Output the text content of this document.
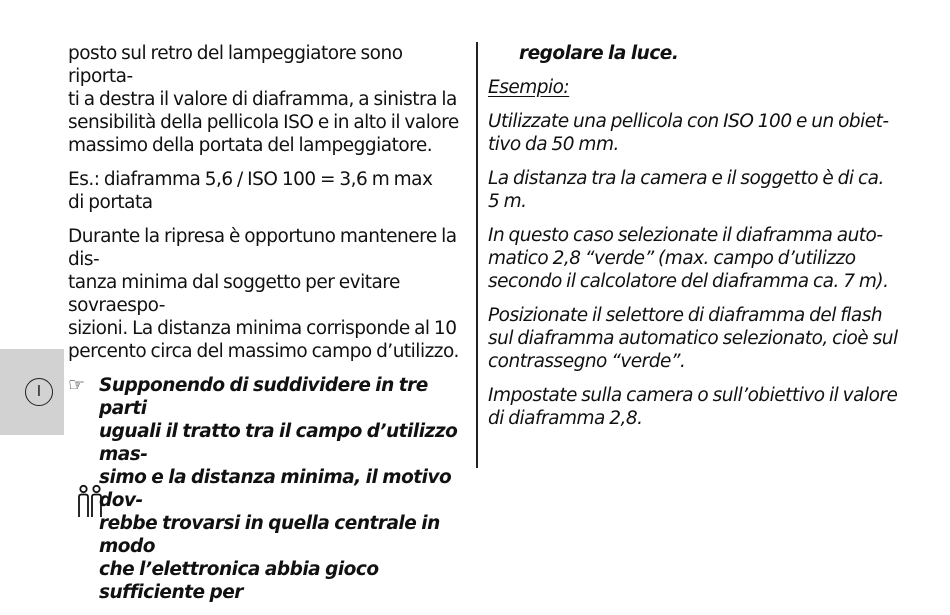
I
posto sul retro del lampeggiatore sono riporta-
ti a destra il valore di diaframma, a sinistra la
sensibilità della pellicola ISO e in alto il valore
massimo della portata del lampeggiatore.
Es.: diaframma 5,6 / ISO 100 = 3,6 m max
di portata
Durante la ripresa è opportuno mantenere la dis-
tanza minima dal soggetto per evitare sovraespo-
sizioni. La distanza minima corrisponde al 10
percento circa del massimo campo d’utilizzo.
☞ Supponendo di suddividere in tre parti
uguali il tratto tra il campo d’utilizzo mas-
simo e la distanza minima, il motivo dov-
rebbe trovarsi in quella centrale in modo
che l’elettronica abbia gioco sufficiente per
regolare la luce.
Esempio:
Utilizzate una pellicola con ISO 100 e un obiet-
tivo da 50 mm.
La distanza tra la camera e il soggetto è di ca.
5 m.
In questo caso selezionate il diaframma auto-
matico 2,8 “verde” (max. campo d’utilizzo
secondo il calcolatore del diaframma ca. 7 m).
Posizionate il selettore di diaframma del flash
sul diaframma automatico selezionato, cioè sul
contrassegno “verde”.
Impostate sulla camera o sull’obiettivo il valore
di diaframma 2,8.
